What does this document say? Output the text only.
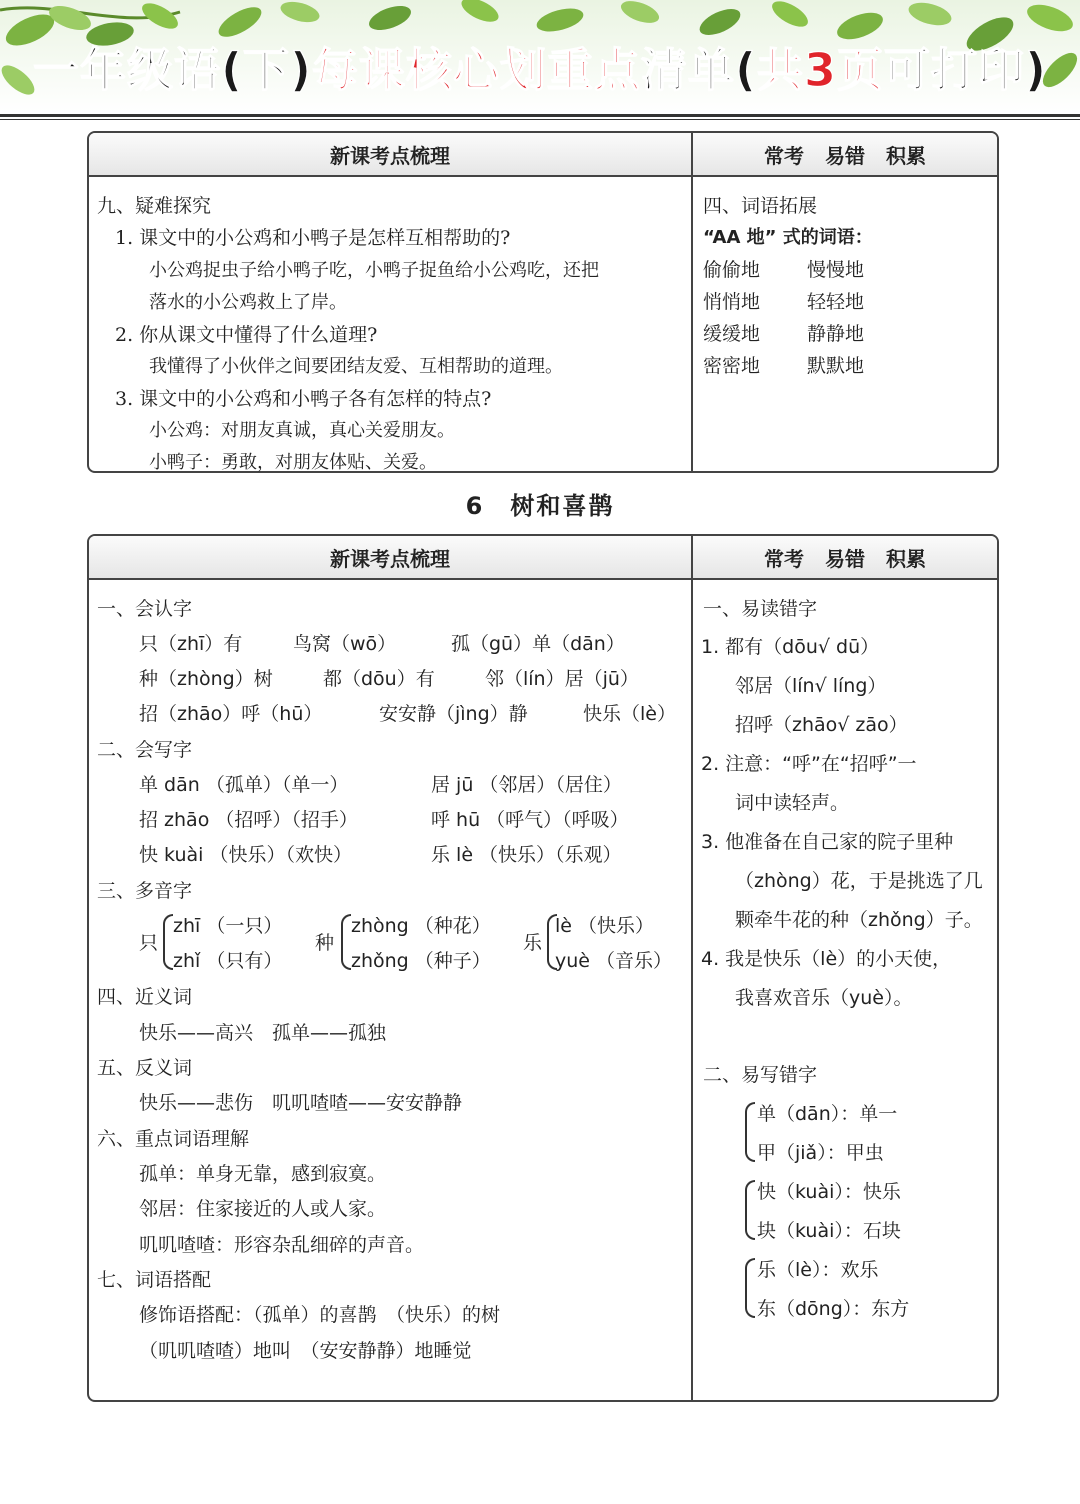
一年级语(下)每课核心划重点清单(共3页可打印)
新课考点梳理	常考 易错 积累
九、疑难探究
1. 课文中的小公鸡和小鸭子是怎样互相帮助的?
小公鸡捉虫子给小鸭子吃，小鸭子捉鱼给小公鸡吃，还把
落水的小公鸡救上了岸。
2. 你从课文中懂得了什么道理?
我懂得了小伙伴之间要团结友爱、互相帮助的道理。
3. 课文中的小公鸡和小鸭子各有怎样的特点?
小公鸡：对朋友真诚，真心关爱朋友。
小鸭子：勇敢，对朋友体贴、关爱。
四、词语拓展
“AA 地” 式的词语：
偷偷地 慢慢地
悄悄地 轻轻地
缓缓地 静静地
密密地 默默地
6 树和喜鹊
新课考点梳理	常考 易错 积累
一、会认字
只（zhī）有	鸟窝（wō）	孤（gū）单（dān）
种（zhòng）树	都（dōu）有	邻（lín）居（jū）
招（zhāo）呼（hū）	安安静（jìng）静	快乐（lè）
二、会写字
单 dān （孤单）（单一）	居 jū （邻居）（居住）
招 zhāo （招呼）（招手）	呼 hū （呼气）（呼吸）
快 kuài （快乐）（欢快）	乐 lè （快乐）（乐观）
三、多音字
只
zhī （一只）
zhǐ （只有）
种
zhòng （种花）
zhǒng （种子）
乐
lè （快乐）
yuè （音乐）
四、近义词
快乐——高兴　孤单——孤独
五、反义词
快乐——悲伤　叽叽喳喳——安安静静
六、重点词语理解
孤单：单身无靠，感到寂寞。
邻居：住家接近的人或人家。
叽叽喳喳：形容杂乱细碎的声音。
七、词语搭配
修饰语搭配：（孤单）的喜鹊　（快乐）的树
（叽叽喳喳）地叫　（安安静静）地睡觉
一、易读错字
1. 都有（dōu√ dū）
邻居（lín√ líng）
招呼（zhāo√ zāo）
2. 注意：“呼”在“招呼”一
词中读轻声。
3. 他准备在自己家的院子里种
（zhòng）花，于是挑选了几
颗牵牛花的种（zhǒng）子。
4. 我是快乐（lè）的小天使，
我喜欢音乐（yuè）。
二、易写错字
单（dān）：单一
甲（jiǎ）：甲虫
快（kuài）：快乐
块（kuài）：石块
乐（lè）：欢乐
东（dōng）：东方
